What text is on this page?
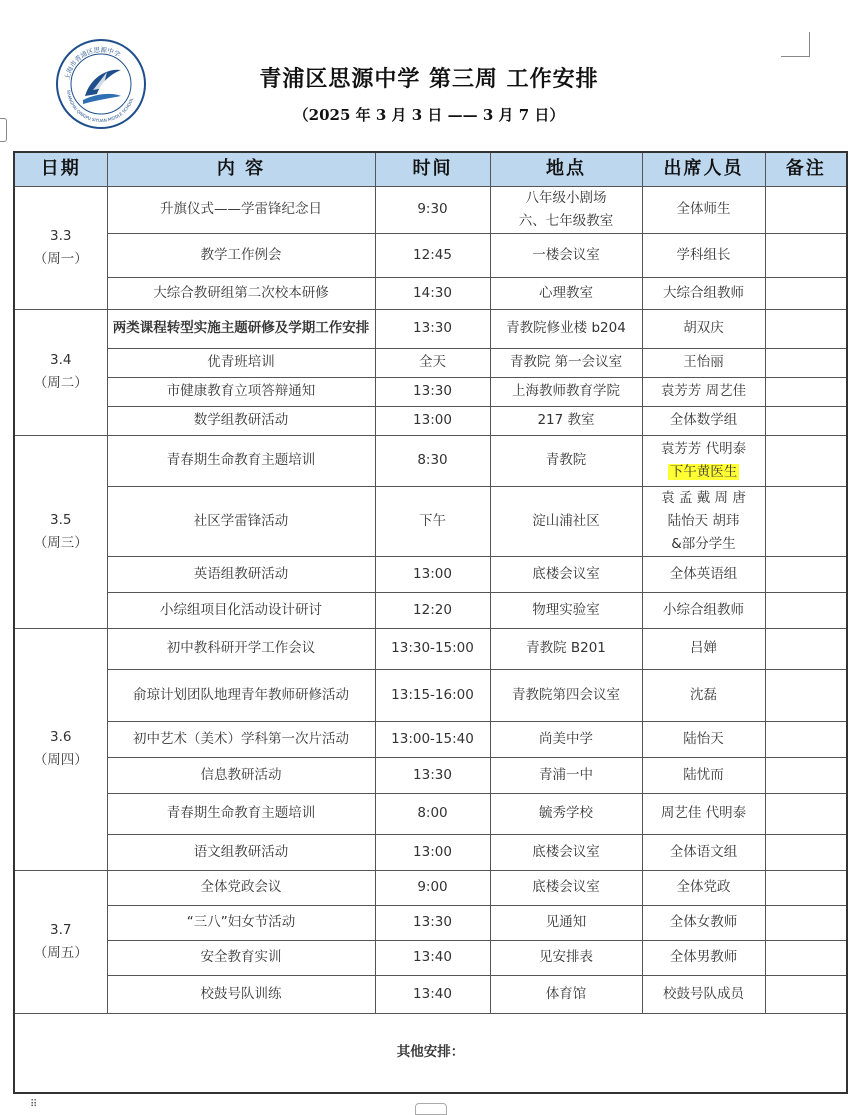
上海市青浦区思源中学
SHANGHAI QINGPU SIYUAN MIDDLE SCHOOL
青浦区思源中学 第三周 工作安排
（2025 年 3 月 3 日 —— 3 月 7 日）
日期	内 容	时间	地点	出席人员	备注

3.3
（周一）	升旗仪式——学雷锋纪念日	9:30	八年级小剧场
六、七年级教室	全体师生	

	教学工作例会	12:45	一楼会议室	学科组长	

	大综合教研组第二次校本研修	14:30	心理教室	大综合组教师	

3.4
（周二）	两类课程转型实施主题研修及学期工作安排	13:30	青教院修业楼 b204	胡双庆	

	优青班培训	全天	青教院 第一会议室	王怡丽	

	市健康教育立项答辩通知	13:30	上海教师教育学院	袁芳芳 周艺佳	

	数学组教研活动	13:00	217 教室	全体数学组	

3.5
（周三）	青春期生命教育主题培训	8:30	青教院	袁芳芳 代明泰
下午黄医生	

	社区学雷锋活动	下午	淀山浦社区	袁 孟 戴 周 唐
陆怡天 胡玮
&部分学生	

	英语组教研活动	13:00	底楼会议室	全体英语组	

	小综组项目化活动设计研讨	12:20	物理实验室	小综合组教师	

3.6
（周四）	初中教科研开学工作会议	13:30-15:00	青教院 B201	吕婵	

	俞琼计划团队地理青年教师研修活动	13:15-16:00	青教院第四会议室	沈磊	

	初中艺术（美术）学科第一次片活动	13:00-15:40	尚美中学	陆怡天	

	信息教研活动	13:30	青浦一中	陆忧而	

	青春期生命教育主题培训	8:00	毓秀学校	周艺佳 代明泰	

	语文组教研活动	13:00	底楼会议室	全体语文组	

3.7
（周五）	全体党政会议	9:00	底楼会议室	全体党政	

	“三八”妇女节活动	13:30	见通知	全体女教师	

	安全教育实训	13:40	见安排表	全体男教师	

	校鼓号队训练	13:40	体育馆	校鼓号队成员	

其他安排：					
⠿
